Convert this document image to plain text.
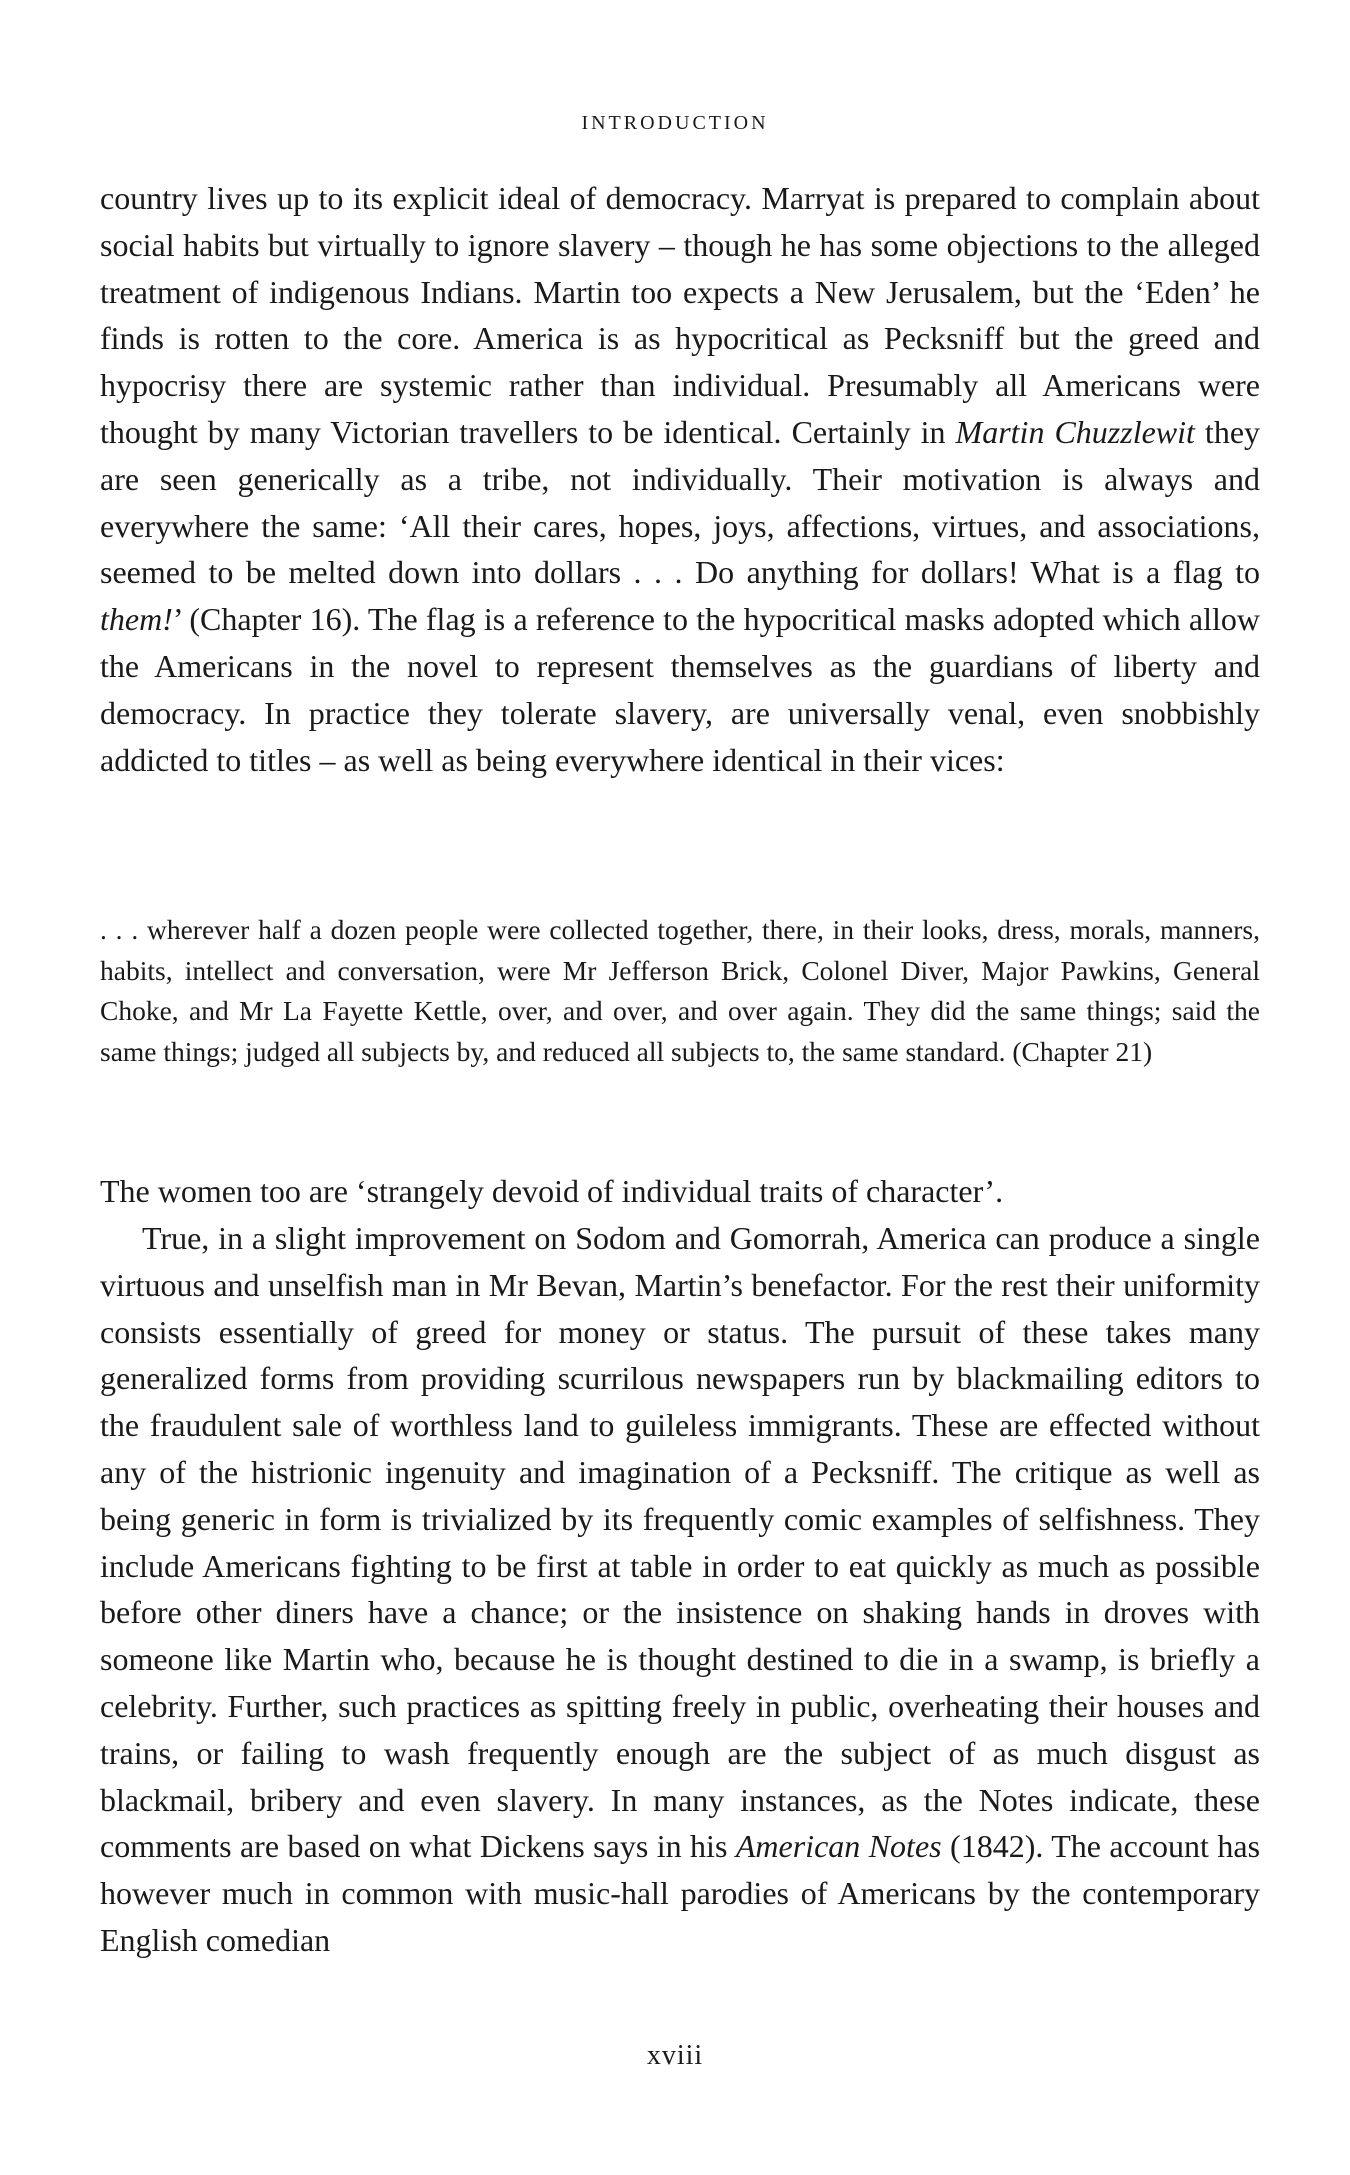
INTRODUCTION

country lives up to its explicit ideal of democracy. Marryat is prepared to complain about social habits but virtually to ignore slavery – though he has some objections to the alleged treatment of indigenous Indians. Martin too expects a New Jerusalem, but the ‘Eden’ he finds is rotten to the core. America is as hypocritical as Pecksniff but the greed and hypocrisy there are systemic rather than individual. Presumably all Americans were thought by many Victorian travellers to be identical. Certainly in Martin Chuzzlewit they are seen generically as a tribe, not individually. Their motivation is always and everywhere the same: ‘All their cares, hopes, joys, affections, virtues, and associations, seemed to be melted down into dollars . . . Do anything for dollars! What is a flag to them!’ (Chapter 16). The flag is a reference to the hypocritical masks adopted which allow the Americans in the novel to represent themselves as the guardians of liberty and democracy. In practice they tolerate slavery, are universally venal, even snobbishly addicted to titles – as well as being everywhere identical in their vices:

. . . wherever half a dozen people were collected together, there, in their looks, dress, morals, manners, habits, intellect and conversation, were Mr Jefferson Brick, Colonel Diver, Major Pawkins, General Choke, and Mr La Fayette Kettle, over, and over, and over again. They did the same things; said the same things; judged all subjects by, and reduced all subjects to, the same standard. (Chapter 21)

The women too are ‘strangely devoid of individual traits of character’.

True, in a slight improvement on Sodom and Gomorrah, America can produce a single virtuous and unselfish man in Mr Bevan, Martin’s benefactor. For the rest their uniformity consists essentially of greed for money or status. The pursuit of these takes many generalized forms from providing scurrilous newspapers run by blackmailing editors to the fraudulent sale of worthless land to guileless immigrants. These are effected without any of the histrionic ingenuity and imagination of a Pecksniff. The critique as well as being generic in form is trivialized by its frequently comic examples of selfishness. They include Americans fighting to be first at table in order to eat quickly as much as possible before other diners have a chance; or the insistence on shaking hands in droves with someone like Martin who, because he is thought destined to die in a swamp, is briefly a celebrity. Further, such practices as spitting freely in public, overheating their houses and trains, or failing to wash frequently enough are the subject of as much disgust as blackmail, bribery and even slavery. In many instances, as the Notes indicate, these comments are based on what Dickens says in his American Notes (1842). The account has however much in common with music-hall parodies of Americans by the contemporary English comedian

xviii
